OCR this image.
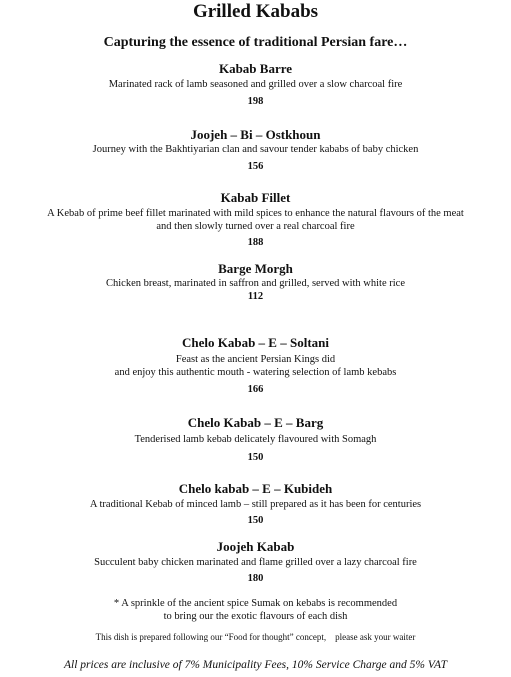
Grilled Kababs
Capturing the essence of traditional Persian fare…
Kabab Barre
Marinated rack of lamb seasoned and grilled over a slow charcoal fire
198
Joojeh – Bi – Ostkhoun
Journey with the Bakhtiyarian clan and savour tender kababs of baby chicken
156
Kabab Fillet
A Kebab of prime beef fillet marinated with mild spices to enhance the natural flavours of the meat
and then slowly turned over a real charcoal fire
188
Barge Morgh
Chicken breast, marinated in saffron and grilled, served with white rice
112
Chelo Kabab – E – Soltani
Feast as the ancient Persian Kings did
and enjoy this authentic mouth - watering selection of lamb kebabs
166
Chelo Kabab – E – Barg
Tenderised lamb kebab delicately flavoured with Somagh
150
Chelo kabab – E – Kubideh
A traditional Kebab of minced lamb – still prepared as it has been for centuries
150
Joojeh Kabab
Succulent baby chicken marinated and flame grilled over a lazy charcoal fire
180
* A sprinkle of the ancient spice Sumak on kebabs is recommended
to bring our the exotic flavours of each dish
This dish is prepared following our “Food for thought” concept,    please ask your waiter
All prices are inclusive of 7% Municipality Fees, 10% Service Charge and 5% VAT
